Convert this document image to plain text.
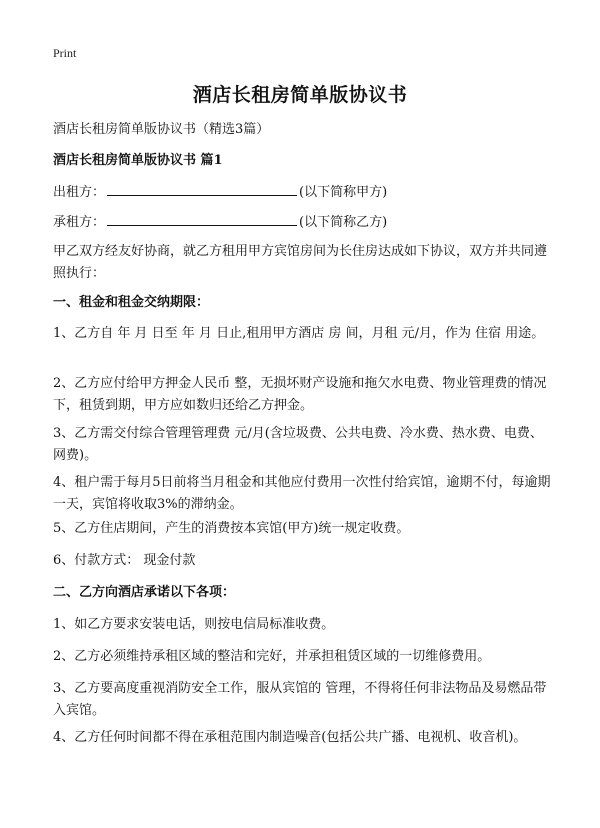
Print
酒店长租房简单版协议书
酒店长租房简单版协议书（精选3篇）
酒店长租房简单版协议书 篇1
出租方：	(以下简称甲方)
承租方：	(以下简称乙方)
甲乙双方经友好协商，就乙方租用甲方宾馆房间为长住房达成如下协议，双方并共同遵照执行：
一、租金和租金交纳期限：
1、乙方自 年 月 日至 年 月 日止,租用甲方酒店 房 间，月租 元/月，作为 住宿 用途。
2、乙方应付给甲方押金人民币 整，无损坏财产设施和拖欠水电费、物业管理费的情况下，租赁到期，甲方应如数归还给乙方押金。
3、乙方需交付综合管理管理费 元/月(含垃圾费、公共电费、冷水费、热水费、电费、网费)。
4、租户需于每月5日前将当月租金和其他应付费用一次性付给宾馆，逾期不付，每逾期一天，宾馆将收取3%的滞纳金。
5、乙方住店期间，产生的消费按本宾馆(甲方)统一规定收费。
6、付款方式： 现金付款
二、乙方向酒店承诺以下各项：
1、如乙方要求安装电话，则按电信局标准收费。
2、乙方必须维持承租区域的整洁和完好，并承担租赁区域的一切维修费用。
3、乙方要高度重视消防安全工作，服从宾馆的 管理，不得将任何非法物品及易燃品带入宾馆。
4、乙方任何时间都不得在承租范围内制造噪音(包括公共广播、电视机、收音机)。
